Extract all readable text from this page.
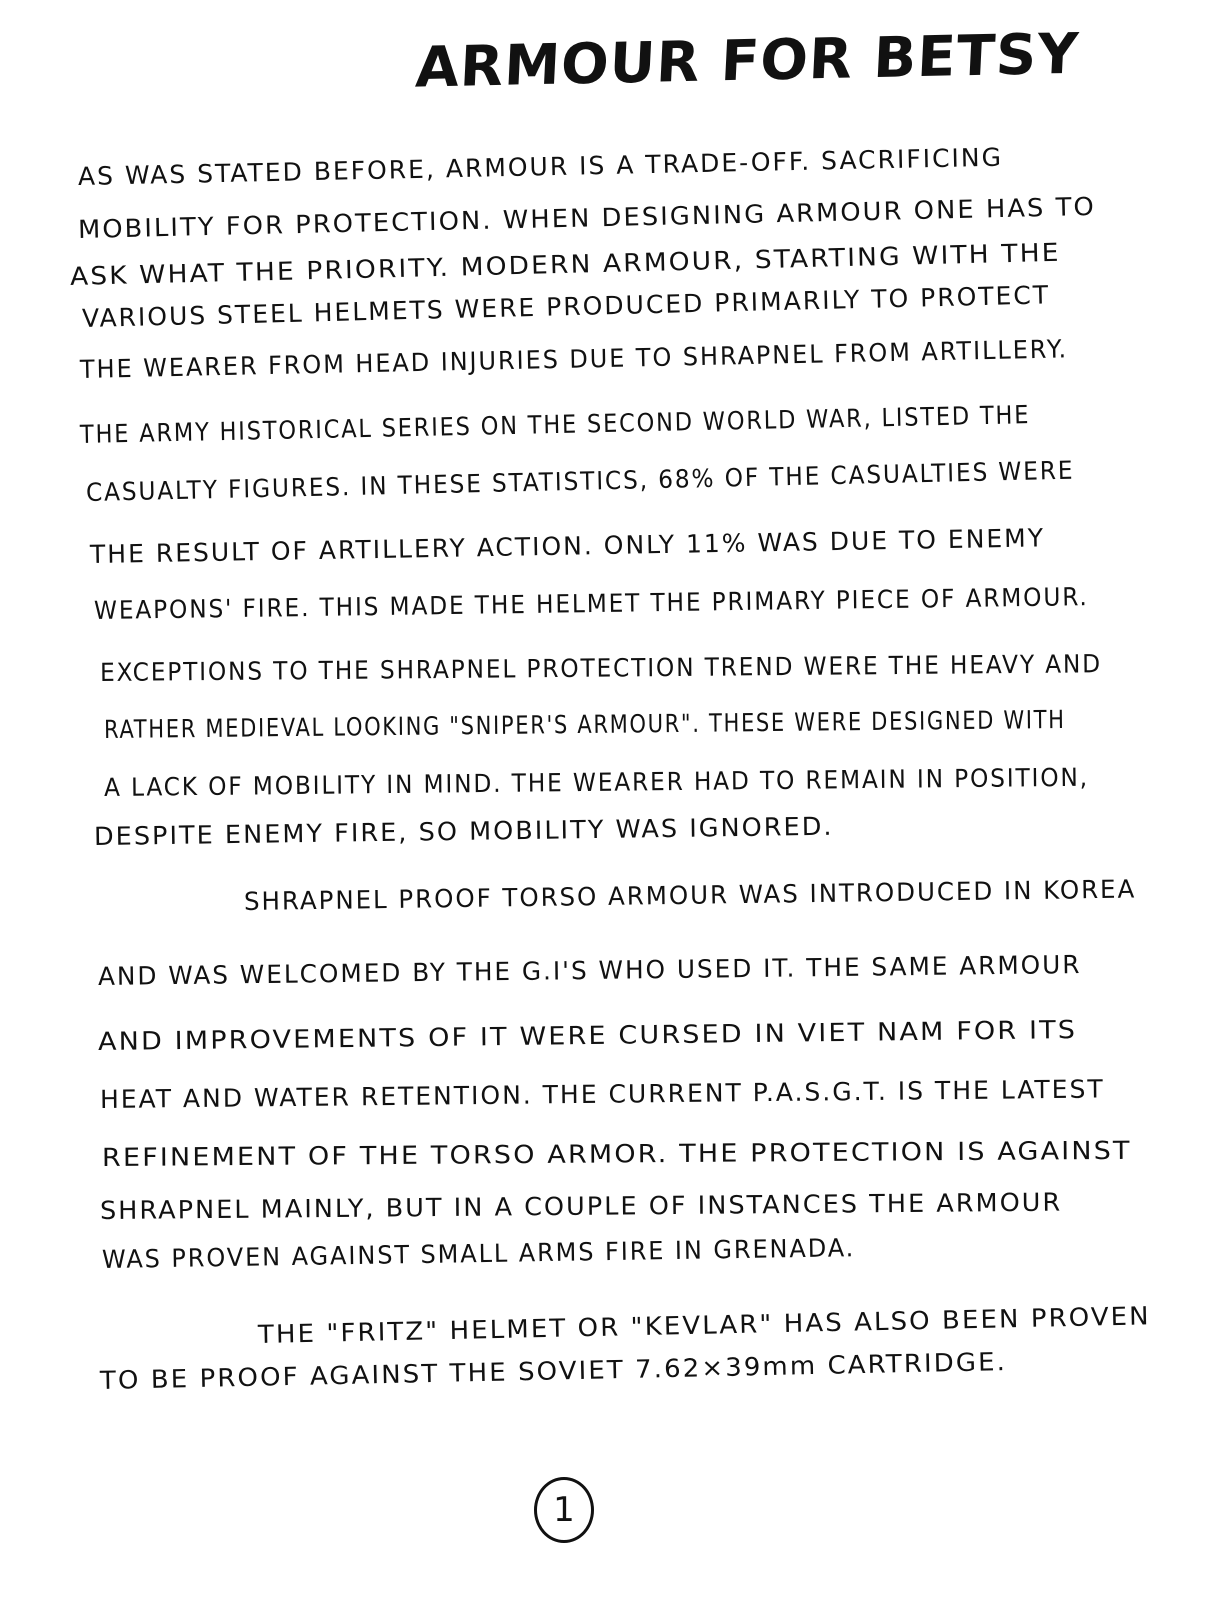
ARMOUR FOR BETSY
AS WAS STATED BEFORE, ARMOUR IS A TRADE-OFF. SACRIFICING
MOBILITY FOR PROTECTION. WHEN DESIGNING ARMOUR ONE HAS TO
ASK WHAT THE PRIORITY. MODERN ARMOUR, STARTING WITH THE
VARIOUS STEEL HELMETS WERE PRODUCED PRIMARILY TO PROTECT
THE WEARER FROM HEAD INJURIES DUE TO SHRAPNEL FROM ARTILLERY.
THE ARMY HISTORICAL SERIES ON THE SECOND WORLD WAR, LISTED THE
CASUALTY FIGURES. IN THESE STATISTICS, 68% OF THE CASUALTIES WERE
THE RESULT OF ARTILLERY ACTION. ONLY 11% WAS DUE TO ENEMY
WEAPONS' FIRE. THIS MADE THE HELMET THE PRIMARY PIECE OF ARMOUR.
EXCEPTIONS TO THE SHRAPNEL PROTECTION TREND WERE THE HEAVY AND
RATHER MEDIEVAL LOOKING "SNIPER'S ARMOUR". THESE WERE DESIGNED WITH
A LACK OF MOBILITY IN MIND. THE WEARER HAD TO REMAIN IN POSITION,
DESPITE ENEMY FIRE, SO MOBILITY WAS IGNORED.
SHRAPNEL PROOF TORSO ARMOUR WAS INTRODUCED IN KOREA
AND WAS WELCOMED BY THE G.I'S WHO USED IT. THE SAME ARMOUR
AND IMPROVEMENTS OF IT WERE CURSED IN VIET NAM FOR ITS
HEAT AND WATER RETENTION. THE CURRENT P.A.S.G.T. IS THE LATEST
REFINEMENT OF THE TORSO ARMOR. THE PROTECTION IS AGAINST
SHRAPNEL MAINLY, BUT IN A COUPLE OF INSTANCES THE ARMOUR
WAS PROVEN AGAINST SMALL ARMS FIRE IN GRENADA.
THE "FRITZ" HELMET OR "KEVLAR" HAS ALSO BEEN PROVEN
TO BE PROOF AGAINST THE SOVIET 7.62×39mm CARTRIDGE.
1
